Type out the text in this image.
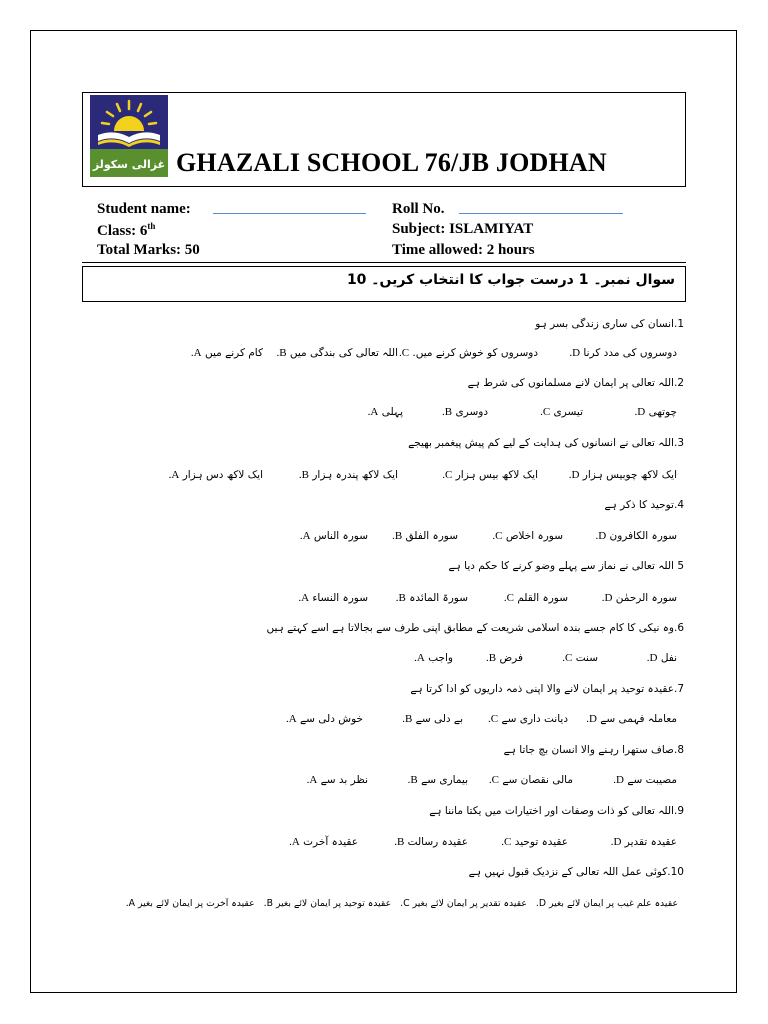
غزالی سکولز GHAZALI SCHOOL 76/JB JODHAN
Student name:
Class: 6th
Total Marks: 50
Roll No.
Subject: ISLAMIYAT
Time allowed: 2 hours
سوال نمبر۔ 1 درست جواب کا انتخاب کریں۔ 10
1.انسان کی ساری زندگی بسر ہو
دوسروں کی مدد کرنا D.
دوسروں کو خوش کرنے میں. C.
اللہ تعالی کی بندگی میں B.
کام کرنے میں A.
2.اللہ تعالی پر ایمان لانے مسلمانوں کی شرط ہے
چوتھی D.
تیسری C.
دوسری B.
پہلی A.
3.اللہ تعالی نے انسانوں کی ہدایت کے لیے کم پیش پیغمبر بھیجے
ایک لاکھ چوبیس ہزار D.
ایک لاکھ بیس ہزار C.
ایک لاکھ پندرہ ہزار B.
ایک لاکھ دس ہزار A.
4.توحید کا ذکر ہے
سورہ الکافرون D.
سورہ اخلاص C.
سورہ الفلق B.
سورہ الناس A.
5 اللہ تعالی نے نماز سے پہلے وضو کرنے کا حکم دیا ہے
سورہ الرحمٰن D.
سورہ القلم C.
سورۃ المائدہ B.
سورہ النساء A.
6.وہ نیکی کا کام جسے بندہ اسلامی شریعت کے مطابق اپنی طرف سے بجالاتا ہے اسے کہتے ہیں
نفل D.
سنت C.
فرض B.
واجب A.
7.عقیدہ توحید پر ایمان لانے والا اپنی ذمہ داریوں کو ادا کرتا ہے
معاملہ فہمی سے D.
دیانت داری سے C.
بے دلی سے B.
خوش دلی سے A.
8.صاف ستھرا رہنے والا انسان بچ جاتا ہے
مصیبت سے D.
مالی نقصان سے C.
بیماری سے B.
نظر بد سے A.
9.اللہ تعالی کو ذات وصفات اور اختیارات میں یکتا ماننا ہے
عقیدہ تقدیر D.
عقیدہ توحید C.
عقیدہ رسالت B.
عقیدہ آخرت A.
10.کوئی عمل اللہ تعالی کے نزدیک قبول نہیں ہے
عقیدہ علم غیب پر ایمان لائے بغیر D. عقیدہ تقدیر پر ایمان لائے بغیر C. عقیدہ توحید پر ایمان لائے بغیر B. عقیدہ آخرت پر ایمان لائے بغیر A.
